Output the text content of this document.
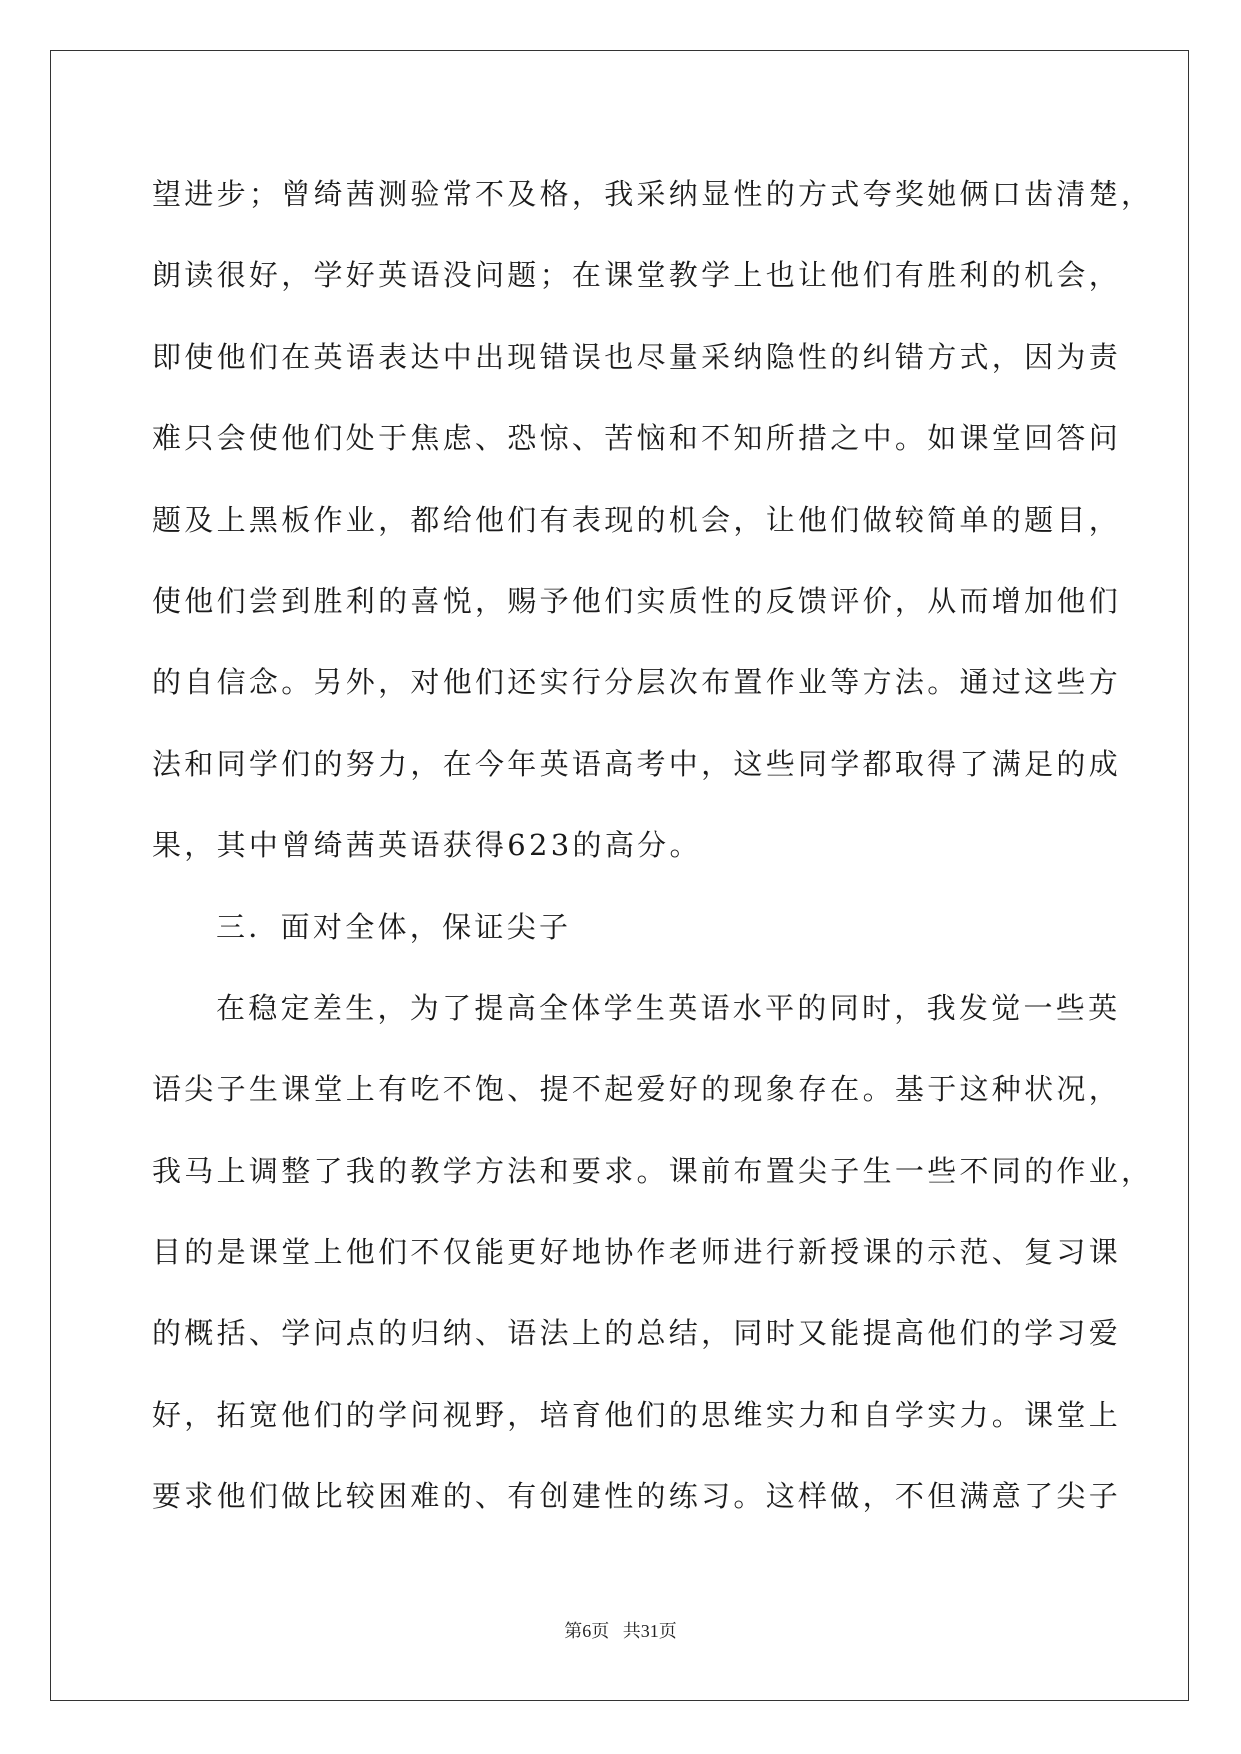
望进步；曾绮茜测验常不及格，我采纳显性的方式夸奖她俩口齿清楚，
朗读很好，学好英语没问题；在课堂教学上也让他们有胜利的机会，
即使他们在英语表达中出现错误也尽量采纳隐性的纠错方式，因为责
难只会使他们处于焦虑、恐惊、苦恼和不知所措之中。如课堂回答问
题及上黑板作业，都给他们有表现的机会，让他们做较简单的题目，
使他们尝到胜利的喜悦，赐予他们实质性的反馈评价，从而增加他们
的自信念。另外，对他们还实行分层次布置作业等方法。通过这些方
法和同学们的努力，在今年英语高考中，这些同学都取得了满足的成
果，其中曾绮茜英语获得623的高分。
三．面对全体，保证尖子
在稳定差生，为了提高全体学生英语水平的同时，我发觉一些英
语尖子生课堂上有吃不饱、提不起爱好的现象存在。基于这种状况，
我马上调整了我的教学方法和要求。课前布置尖子生一些不同的作业，
目的是课堂上他们不仅能更好地协作老师进行新授课的示范、复习课
的概括、学问点的归纳、语法上的总结，同时又能提高他们的学习爱
好，拓宽他们的学问视野，培育他们的思维实力和自学实力。课堂上
要求他们做比较困难的、有创建性的练习。这样做，不但满意了尖子
第6页   共31页
